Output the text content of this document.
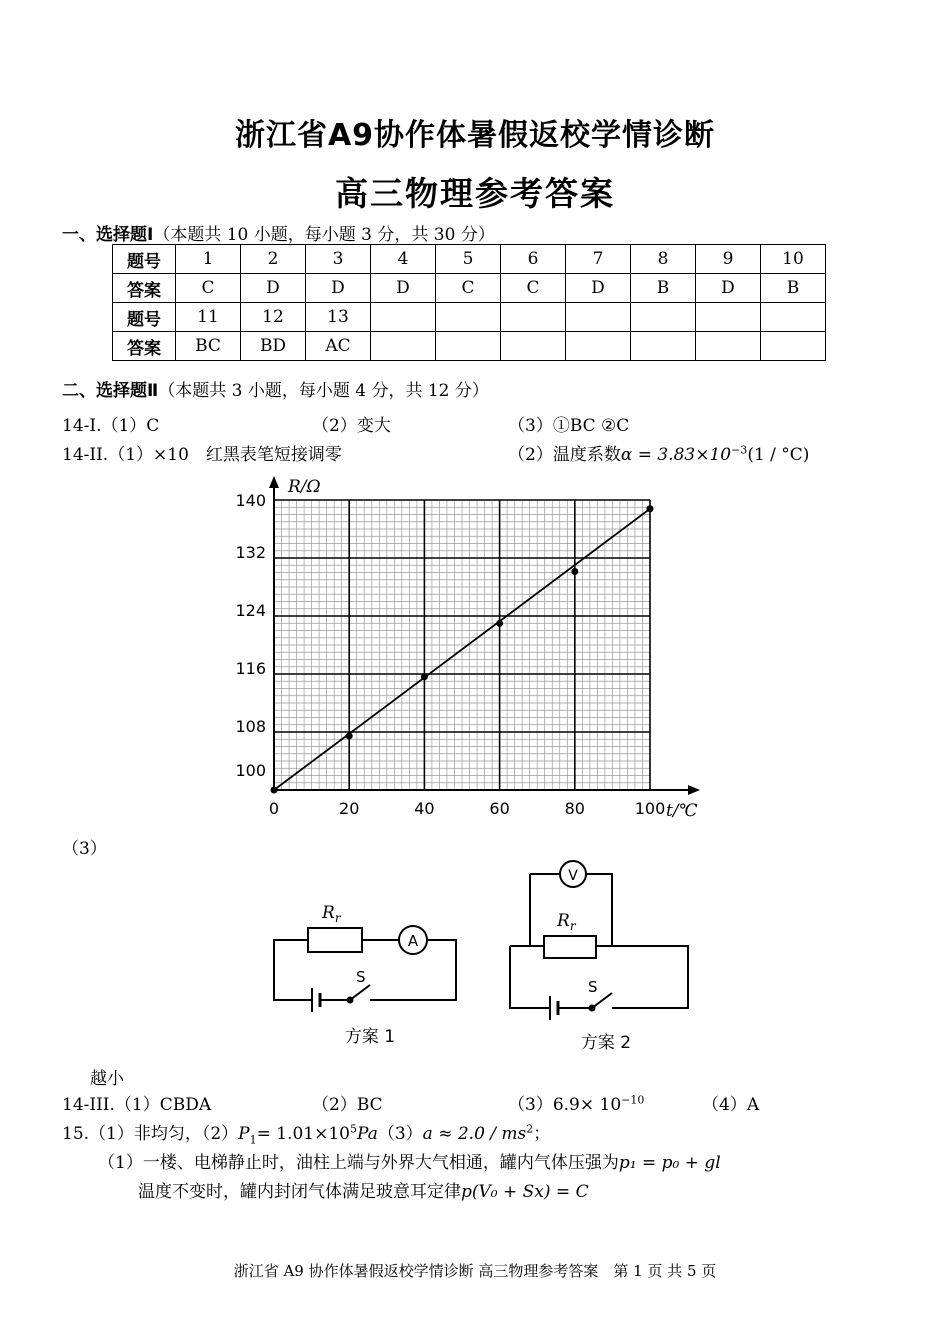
浙江省A9协作体暑假返校学情诊断
高三物理参考答案
一、选择题Ⅰ（本题共 10 小题，每小题 3 分，共 30 分）
题号	1	2	3	4	5	6	7	8	9	10
答案	C	D	D	D	C	C	D	B	D	B
题号	11	12	13							
答案	BC	BD	AC							
二、选择题Ⅱ（本题共 3 小题，每小题 4 分，共 12 分）
14-I.（1）C	（2）变大	（3）①BC ②C
14-II.（1）×10　红黑表笔短接调零	（2）温度系数$\alpha = 3.83\times 10^{-3}(1 / ^\circ C)$
0	20	40	60	80	100
100
108
116
124
132
140
t/℃
R/Ω
（3）
$R_r$
A
S
方案 1
$R_r$
V
S
方案 2
越小
14-III.（1）CBDA	（2）BC	$(3)6.9\times 10^{-10}$	（4）A
15.（1）非均匀，$(2)P_1= 1.01\times 10^5Pa(3)a \approx 2.0 / ms^2$；
（1）一楼、电梯静止时，油柱上端与外界大气相通，罐内气体压强为p₁ = p₀ + gl
温度不变时，罐内封闭气体满足玻意耳定律p(V₀ + Sx) = C
浙江省 A9 协作体暑假返校学情诊断 高三物理参考答案　第 1 页 共 5 页
